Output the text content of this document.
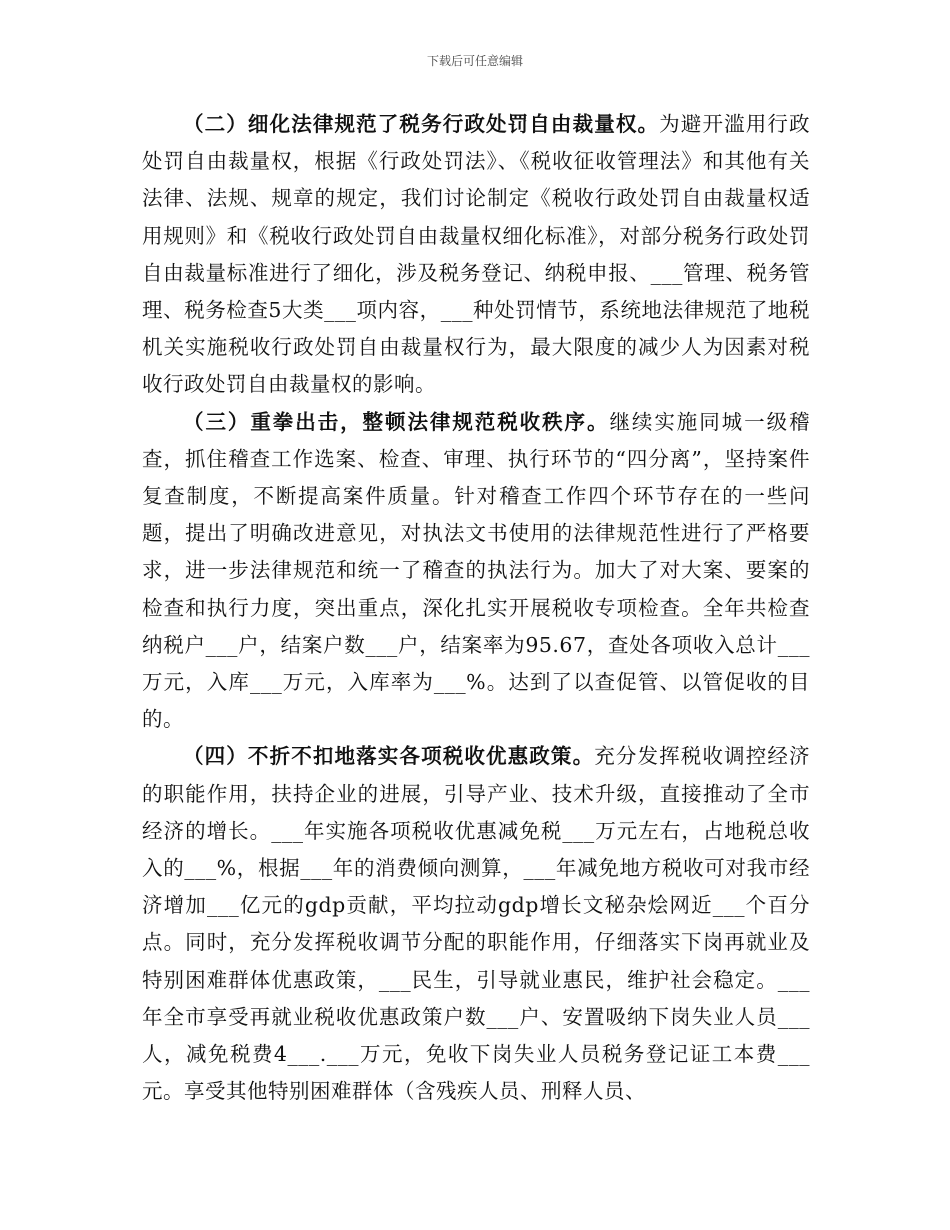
下载后可任意编辑

（二）细化法律规范了税务行政处罚自由裁量权。为避开滥用行政处罚自由裁量权，根据《行政处罚法》、《税收征收管理法》和其他有关法律、法规、规章的规定，我们讨论制定《税收行政处罚自由裁量权适用规则》和《税收行政处罚自由裁量权细化标准》，对部分税务行政处罚自由裁量标准进行了细化，涉及税务登记、纳税申报、___管理、税务管理、税务检查5大类___项内容，___种处罚情节，系统地法律规范了地税机关实施税收行政处罚自由裁量权行为，最大限度的减少人为因素对税收行政处罚自由裁量权的影响。

（三）重拳出击，整顿法律规范税收秩序。继续实施同城一级稽查，抓住稽查工作选案、检查、审理、执行环节的“四分离”，坚持案件复查制度，不断提高案件质量。针对稽查工作四个环节存在的一些问题，提出了明确改进意见，对执法文书使用的法律规范性进行了严格要求，进一步法律规范和统一了稽查的执法行为。加大了对大案、要案的检查和执行力度，突出重点，深化扎实开展税收专项检查。全年共检查纳税户___户，结案户数___户，结案率为95.67，查处各项收入总计___万元，入库___万元，入库率为___%。达到了以查促管、以管促收的目的。

（四）不折不扣地落实各项税收优惠政策。充分发挥税收调控经济的职能作用，扶持企业的进展，引导产业、技术升级，直接推动了全市经济的增长。___年实施各项税收优惠减免税___万元左右，占地税总收入的___%，根据___年的消费倾向测算，___年减免地方税收可对我市经济增加___亿元的gdp贡献，平均拉动gdp增长文秘杂烩网近___个百分点。同时，充分发挥税收调节分配的职能作用，仔细落实下岗再就业及特别困难群体优惠政策，___民生，引导就业惠民，维护社会稳定。___年全市享受再就业税收优惠政策户数___户、安置吸纳下岗失业人员___人，减免税费4___.___万元，免收下岗失业人员税务登记证工本费___元。享受其他特别困难群体（含残疾人员、刑释人员、
